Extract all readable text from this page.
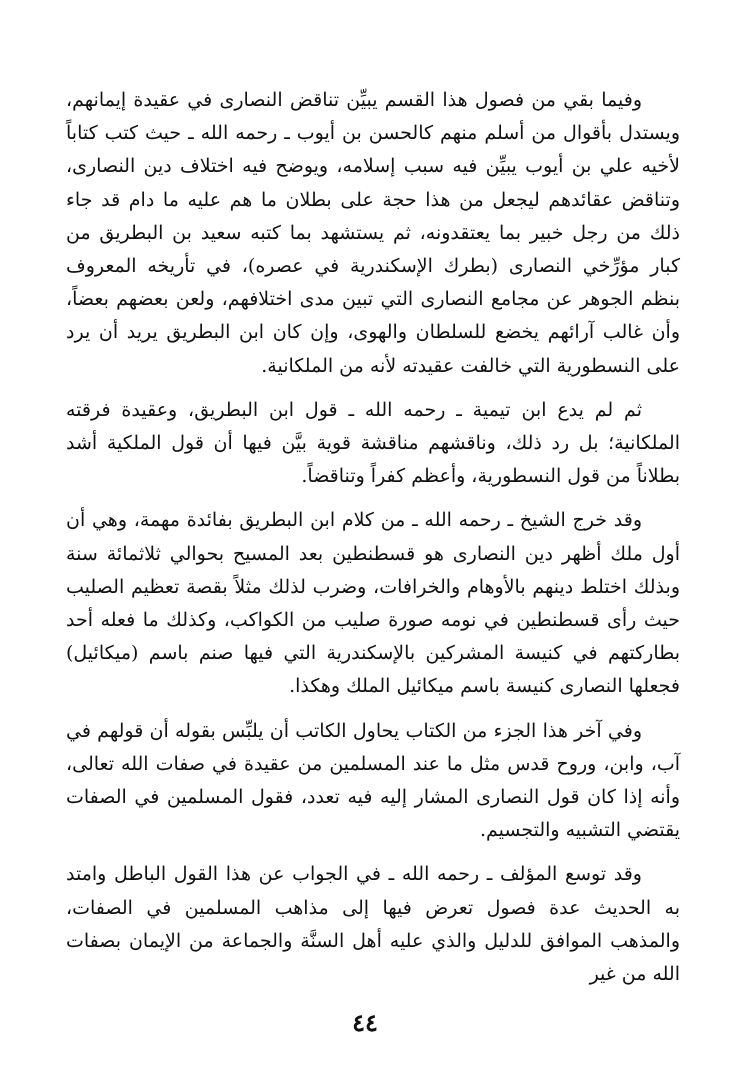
وفيما بقي من فصول هذا القسم يبيِّن تناقض النصارى في عقيدة إيمانهم، ويستدل بأقوال من أسلم منهم كالحسن بن أيوب ـ رحمه الله ـ حيث كتب كتاباً لأخيه علي بن أيوب يبيِّن فيه سبب إسلامه، ويوضح فيه اختلاف دين النصارى، وتناقض عقائدهم ليجعل من هذا حجة على بطلان ما هم عليه ما دام قد جاء ذلك من رجل خبير بما يعتقدونه، ثم يستشهد بما كتبه سعيد بن البطريق من كبار مؤرِّخي النصارى (بطرك الإسكندرية في عصره)، في تأريخه المعروف بنظم الجوهر عن مجامع النصارى التي تبين مدى اختلافهم، ولعن بعضهم بعضاً، وأن غالب آرائهم يخضع للسلطان والهوى، وإن كان ابن البطريق يريد أن يرد على النسطورية التي خالفت عقيدته لأنه من الملكانية.

ثم لم يدع ابن تيمية ـ رحمه الله ـ قول ابن البطريق، وعقيدة فرقته الملكانية؛ بل رد ذلك، وناقشهم مناقشة قوية بيَّن فيها أن قول الملكية أشد بطلاناً من قول النسطورية، وأعظم كفراً وتناقضاً.

وقد خرج الشيخ ـ رحمه الله ـ من كلام ابن البطريق بفائدة مهمة، وهي أن أول ملك أظهر دين النصارى هو قسطنطين بعد المسيح بحوالي ثلاثمائة سنة وبذلك اختلط دينهم بالأوهام والخرافات، وضرب لذلك مثلاً بقصة تعظيم الصليب حيث رأى قسطنطين في نومه صورة صليب من الكواكب، وكذلك ما فعله أحد بطارك‍تهم في كنيسة المشركين بالإسكندرية التي فيها صنم باسم (ميكائيل) فجعلها النصارى كنيسة باسم ميكائيل الملك وهكذا.

وفي آخر هذا الجزء من الكتاب يحاول الكاتب أن يلبِّس بقوله أن قولهم في آب، وابن، وروح قدس مثل ما عند المسلمين من عقيدة في صفات الله تعالى، وأنه إذا كان قول النصارى المشار إليه فيه تعدد، فقول المسلمين في الصفات يقتضي التشبيه والتجسيم.

وقد توسع المؤلف ـ رحمه الله ـ في الجواب عن هذا القول الباطل وامتد به الحديث عدة فصول تعرض فيها إلى مذاهب المسلمين في الصفات، والمذهب الموافق للدليل والذي عليه أهل السنَّة والجماعة من الإيمان بصفات الله من غير

٤٤
